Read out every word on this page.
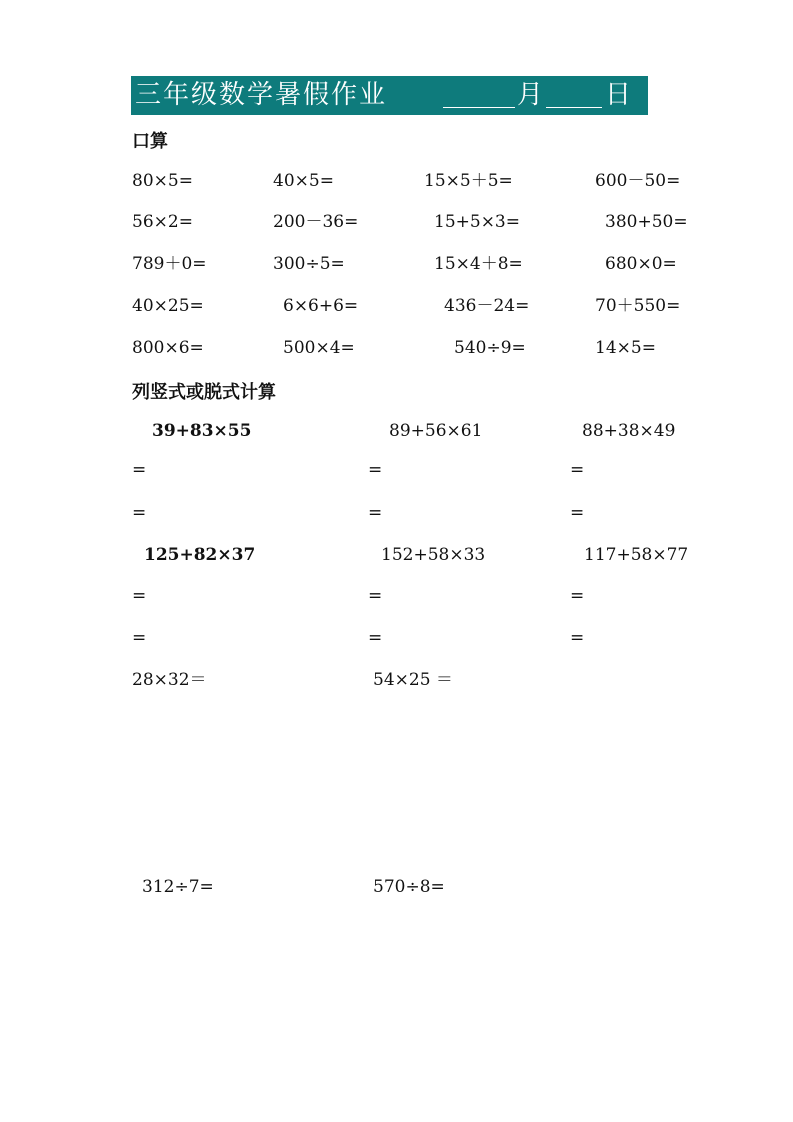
三年级数学暑假作业	月 日
口算
80×5=	40×5=	15×5＋5=	600－50=
56×2=	200－36=	15+5×3=	380+50=
789＋0=	300÷5=	15×4＋8=	680×0=
40×25=	6×6+6=	436－24=	70＋550=
800×6=	500×4=	540÷9=	14×5=
列竖式或脱式计算
39+83×55	89+56×61	88+38×49
=	=	=
=	=	=
125+82×37	152+58×33	117+58×77
=	=	=
=	=	=
28×32＝	54×25 ＝
312÷7=	570÷8=
